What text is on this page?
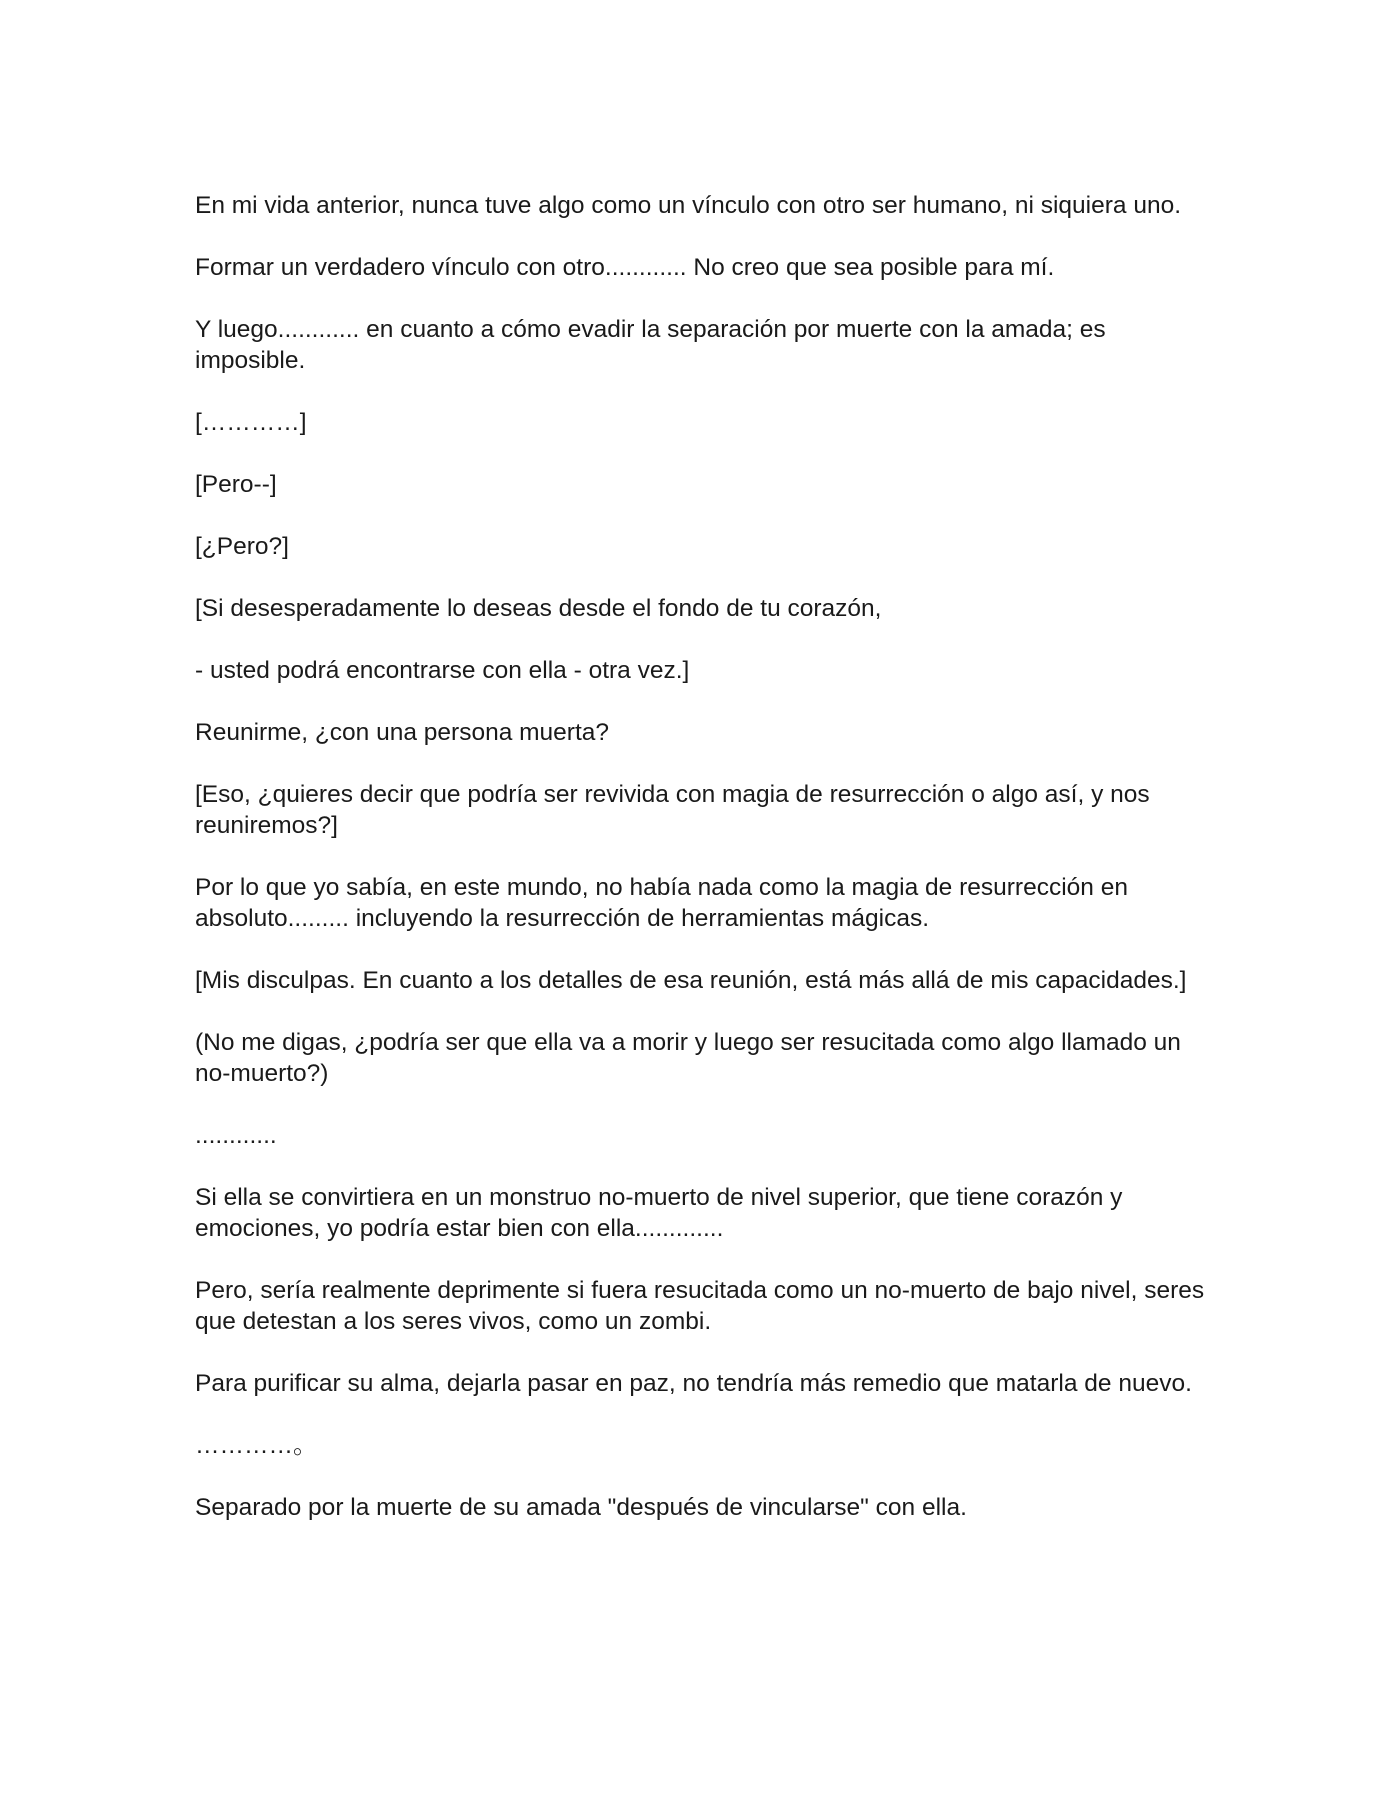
En mi vida anterior, nunca tuve algo como un vínculo con otro ser humano, ni siquiera uno.

Formar un verdadero vínculo con otro............ No creo que sea posible para mí.

Y luego............ en cuanto a cómo evadir la separación por muerte con la amada; es imposible.

[…………]

[Pero--]

[¿Pero?]

[Si desesperadamente lo deseas desde el fondo de tu corazón,

- usted podrá encontrarse con ella - otra vez.]

Reunirme, ¿con una persona muerta?

[Eso, ¿quieres decir que podría ser revivida con magia de resurrección o algo así, y nos reuniremos?]

Por lo que yo sabía, en este mundo, no había nada como la magia de resurrección en absoluto......... incluyendo la resurrección de herramientas mágicas.

[Mis disculpas. En cuanto a los detalles de esa reunión, está más allá de mis capacidades.]

(No me digas, ¿podría ser que ella va a morir y luego ser resucitada como algo llamado un no-muerto?)

............

Si ella se convirtiera en un monstruo no-muerto de nivel superior, que tiene corazón y emociones, yo podría estar bien con ella.............

Pero, sería realmente deprimente si fuera resucitada como un no-muerto de bajo nivel, seres que detestan a los seres vivos, como un zombi.

Para purificar su alma, dejarla pasar en paz, no tendría más remedio que matarla de nuevo.

…………。

Separado por la muerte de su amada "después de vincularse" con ella.
